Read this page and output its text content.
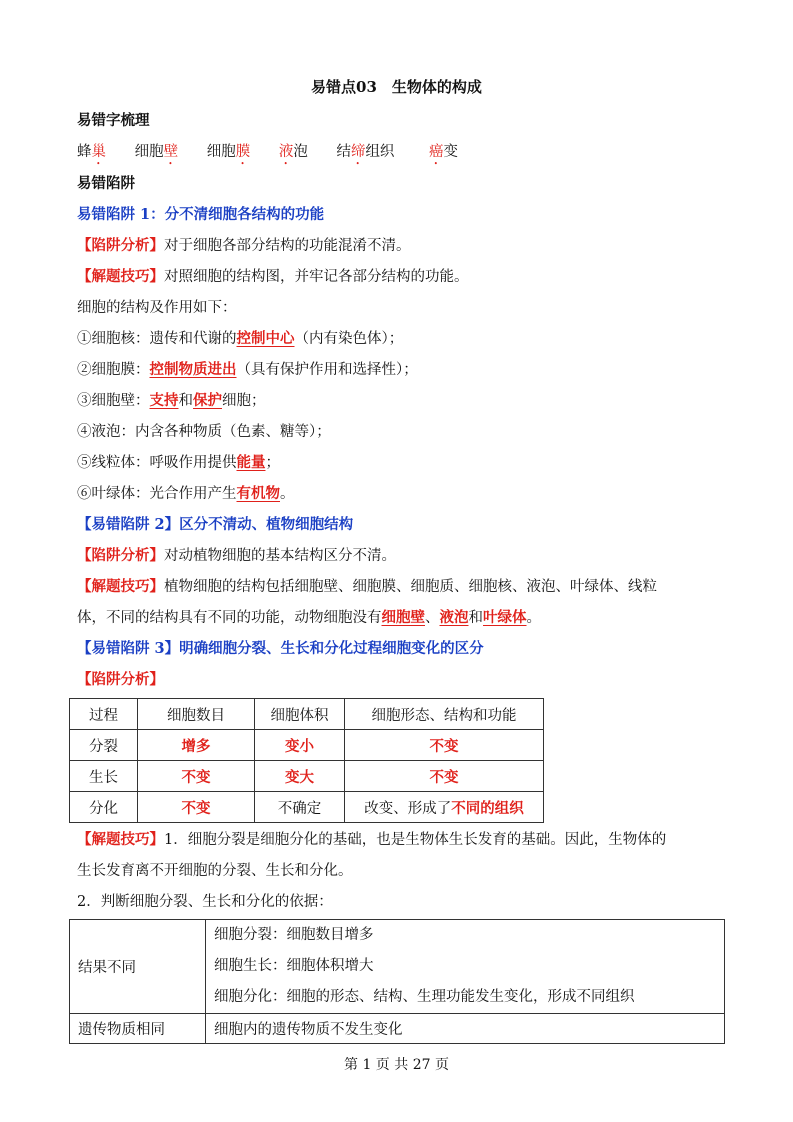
易错点03　生物体的构成
易错字梳理
蜂巢 细胞壁 细胞膜 液泡 结缔组织 癌变
易错陷阱
易错陷阱 1：分不清细胞各结构的功能
【陷阱分析】对于细胞各部分结构的功能混淆不清。
【解题技巧】对照细胞的结构图，并牢记各部分结构的功能。
细胞的结构及作用如下：
①细胞核：遗传和代谢的控制中心（内有染色体）；
②细胞膜：控制物质进出（具有保护作用和选择性）；
③细胞壁：支持和保护细胞；
④液泡：内含各种物质（色素、糖等）；
⑤线粒体：呼吸作用提供能量；
⑥叶绿体：光合作用产生有机物。
【易错陷阱 2】区分不清动、植物细胞结构
【陷阱分析】对动植物细胞的基本结构区分不清。
【解题技巧】植物细胞的结构包括细胞壁、细胞膜、细胞质、细胞核、液泡、叶绿体、线粒
体，不同的结构具有不同的功能，动物细胞没有细胞壁、液泡和叶绿体。
【易错陷阱 3】明确细胞分裂、生长和分化过程细胞变化的区分
【陷阱分析】
过程	细胞数目	细胞体积	细胞形态、结构和功能
分裂	增多	变小	不变
生长	不变	变大	不变
分化	不变	不确定	改变、形成了不同的组织
【解题技巧】1．细胞分裂是细胞分化的基础，也是生物体生长发育的基础。因此，生物体的
生长发育离不开细胞的分裂、生长和分化。
2．判断细胞分裂、生长和分化的依据：
结果不同	细胞分裂：细胞数目增多
细胞生长：细胞体积增大
细胞分化：细胞的形态、结构、生理功能发生变化，形成不同组织

遗传物质相同	细胞内的遗传物质不发生变化
第 1 页 共 27 页
